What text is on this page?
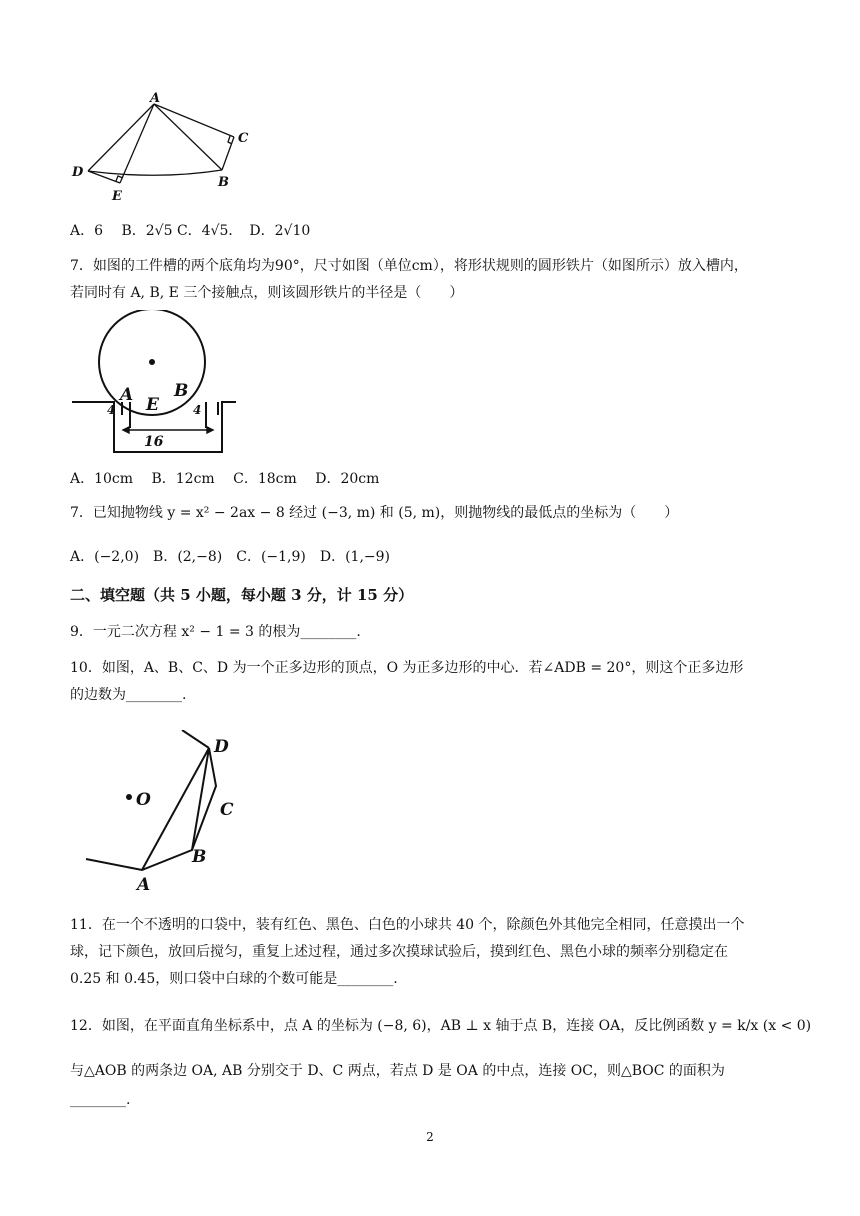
A
C
D
B
E
A．6　 B．2√5 C．4√5．　D．2√10
7．如图的工件槽的两个底角均为90°，尺寸如图（单位cm），将形状规则的圆形铁片（如图所示）放入槽内，
若同时有 A, B, E 三个接触点，则该圆形铁片的半径是（　　）
A B
E
4	4
16
A．10cm　 B．12cm　 C．18cm　 D．20cm
7．已知抛物线 y = x² − 2ax − 8 经过 (−3, m) 和 (5, m)，则抛物线的最低点的坐标为（　　）
A．(−2,0)　B．(2,−8)　C．(−1,9)　D．(1,−9)
二、填空题（共 5 小题，每小题 3 分，计 15 分）
9．一元二次方程 x² − 1 = 3 的根为________.
10．如图，A、B、C、D 为一个正多边形的顶点，O 为正多边形的中心．若∠ADB = 20°，则这个正多边形
的边数为________.
O
D
C
B
A
11．在一个不透明的口袋中，装有红色、黑色、白色的小球共 40 个，除颜色外其他完全相同，任意摸出一个
球，记下颜色，放回后搅匀，重复上述过程，通过多次摸球试验后，摸到红色、黑色小球的频率分别稳定在
0.25 和 0.45，则口袋中白球的个数可能是________.
12．如图，在平面直角坐标系中，点 A 的坐标为 (−8, 6)，AB ⊥ x 轴于点 B，连接 OA，反比例函数 y = k/x (x < 0)
与△AOB 的两条边 OA, AB 分别交于 D、C 两点，若点 D 是 OA 的中点，连接 OC，则△BOC 的面积为
________.
2
